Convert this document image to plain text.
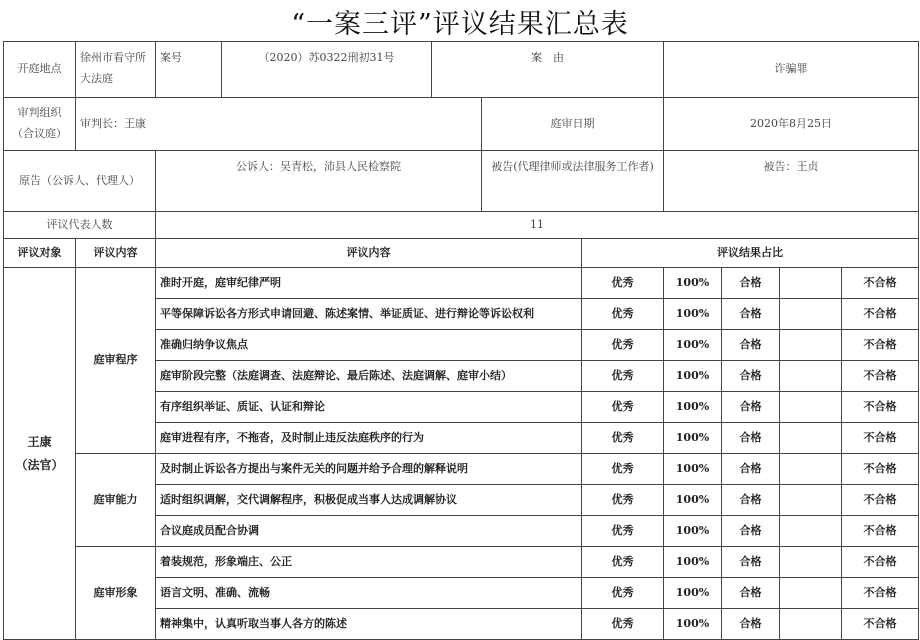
“一案三评”评议结果汇总表
开庭地点	徐州市看守所大法庭	案号	（2020）苏0322刑初31号	案　由			诈骗罪				
审判组织（合议庭）	审判长：王康				庭审日期		2020年8月25日				
原告（公诉人、代理人）		公诉人：吴青松，沛县人民检察院			被告(代理律师或法律服务工作者)		被告：王贞				
评议代表人数		11									
评议对象	评议内容	评议内容				评议结果占比					

王康
（法官）	庭审程序	准时开庭，庭审纪律严明				优秀	100%	合格		不合格	
		平等保障诉讼各方形式申请回避、陈述案情、举证质证、进行辩论等诉讼权利				优秀	100%	合格		不合格	
		准确归纳争议焦点				优秀	100%	合格		不合格	
		庭审阶段完整（法庭调查、法庭辩论、最后陈述、法庭调解、庭审小结）				优秀	100%	合格		不合格	
		有序组织举证、质证、认证和辩论				优秀	100%	合格		不合格	
		庭审进程有序，不拖沓，及时制止违反法庭秩序的行为				优秀	100%	合格		不合格	
	庭审能力	及时制止诉讼各方提出与案件无关的问题并给予合理的解释说明				优秀	100%	合格		不合格	
		适时组织调解，交代调解程序，积极促成当事人达成调解协议				优秀	100%	合格		不合格	
		合议庭成员配合协调				优秀	100%	合格		不合格	
	庭审形象	着装规范，形象端庄、公正				优秀	100%	合格		不合格	
		语言文明、准确、流畅				优秀	100%	合格		不合格	
		精神集中，认真听取当事人各方的陈述				优秀	100%	合格		不合格	
